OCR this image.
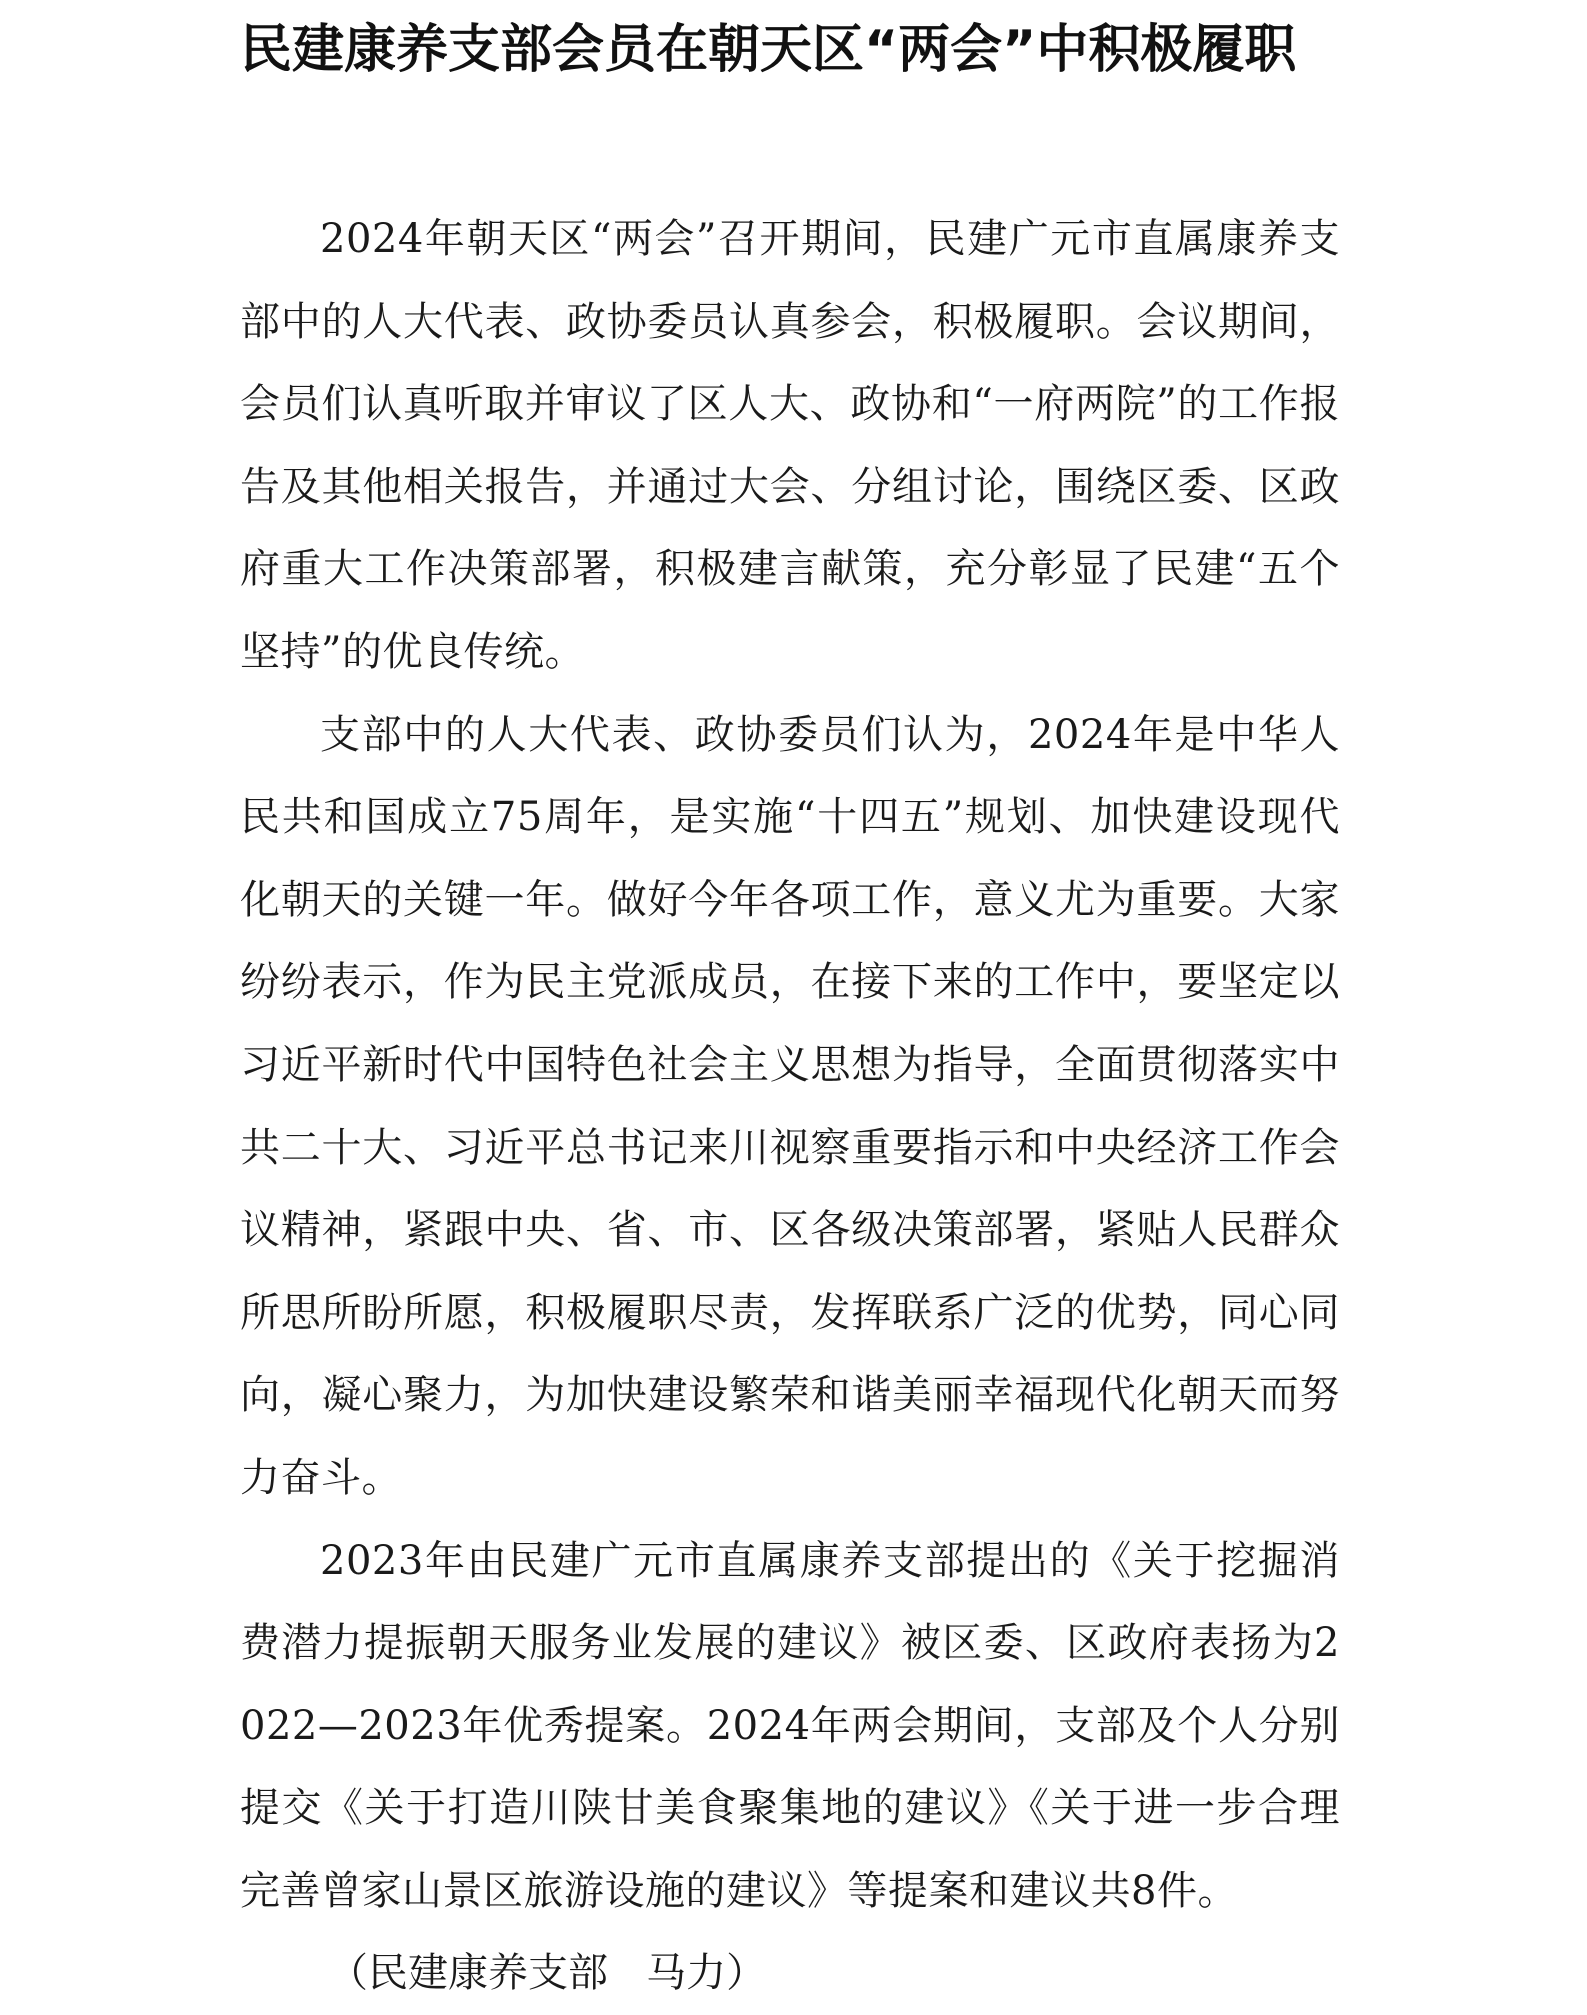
民建康养支部会员在朝天区“两会”中积极履职

2024年朝天区“两会”召开期间，民建广元市直属康养支部中的人大代表、政协委员认真参会，积极履职。会议期间，会员们认真听取并审议了区人大、政协和“一府两院”的工作报告及其他相关报告，并通过大会、分组讨论，围绕区委、区政府重大工作决策部署，积极建言献策，充分彰显了民建“五个坚持”的优良传统。

支部中的人大代表、政协委员们认为，2024年是中华人民共和国成立75周年，是实施“十四五”规划、加快建设现代化朝天的关键一年。做好今年各项工作，意义尤为重要。大家纷纷表示，作为民主党派成员，在接下来的工作中，要坚定以习近平新时代中国特色社会主义思想为指导，全面贯彻落实中共二十大、习近平总书记来川视察重要指示和中央经济工作会议精神，紧跟中央、省、市、区各级决策部署，紧贴人民群众所思所盼所愿，积极履职尽责，发挥联系广泛的优势，同心同向，凝心聚力，为加快建设繁荣和谐美丽幸福现代化朝天而努力奋斗。

2023年由民建广元市直属康养支部提出的《关于挖掘消费潜力提振朝天服务业发展的建议》被区委、区政府表扬为2022—2023年优秀提案。2024年两会期间，支部及个人分别提交《关于打造川陕甘美食聚集地的建议》《关于进一步合理完善曾家山景区旅游设施的建议》等提案和建议共8件。

（民建康养支部   马力）
